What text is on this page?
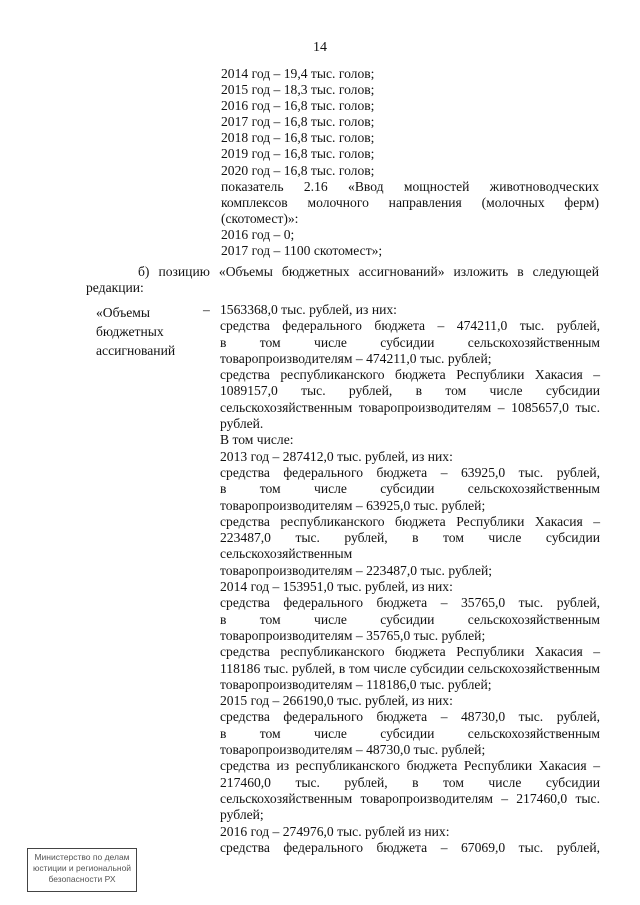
14

2014 год – 19,4 тыс. голов;

2015 год – 18,3 тыс. голов;

2016 год – 16,8 тыс. голов;

2017 год – 16,8 тыс. голов;

2018 год – 16,8 тыс. голов;

2019 год – 16,8 тыс. голов;

2020 год – 16,8 тыс. голов;

показатель 2.16 «Ввод мощностей животноводческих

комплексов молочного направления (молочных ферм)

(скотомест)»:

2016 год – 0;

2017 год – 1100 скотомест»;

б) позицию «Объемы бюджетных ассигнований» изложить в следующей
редакции:
«Объемы
бюджетных
ассигнований
– 1563368,0 тыс. рублей, из них:

средства федерального бюджета – 474211,0 тыс. рублей,

в том числе субсидии сельскохозяйственным

товаропроизводителям – 474211,0 тыс. рублей;

средства республиканского бюджета Республики Хакасия –

1089157,0 тыс. рублей, в том числе субсидии

сельскохозяйственным товаропроизводителям – 1085657,0 тыс.

рублей.

В том числе:

2013 год – 287412,0 тыс. рублей, из них:

средства федерального бюджета – 63925,0 тыс. рублей,

в том числе субсидии сельскохозяйственным

товаропроизводителям – 63925,0 тыс. рублей;

средства республиканского бюджета Республики Хакасия –

223487,0 тыс. рублей, в том числе субсидии сельскохозяйственным

товаропроизводителям – 223487,0 тыс. рублей;

2014 год – 153951,0 тыс. рублей, из них:

средства федерального бюджета – 35765,0 тыс. рублей,

в том числе субсидии сельскохозяйственным

товаропроизводителям – 35765,0 тыс. рублей;

средства республиканского бюджета Республики Хакасия –

118186 тыс. рублей, в том числе субсидии сельскохозяйственным

товаропроизводителям – 118186,0 тыс. рублей;

2015 год – 266190,0 тыс. рублей, из них:

средства федерального бюджета – 48730,0 тыс. рублей,

в том числе субсидии сельскохозяйственным

товаропроизводителям – 48730,0 тыс. рублей;

средства из республиканского бюджета Республики Хакасия –

217460,0 тыс. рублей, в том числе субсидии

сельскохозяйственным товаропроизводителям – 217460,0 тыс.

рублей;

2016 год – 274976,0 тыс. рублей из них:

средства федерального бюджета – 67069,0 тыс. рублей,

Министерство по делам
юстиции и региональной
безопасности РХ
